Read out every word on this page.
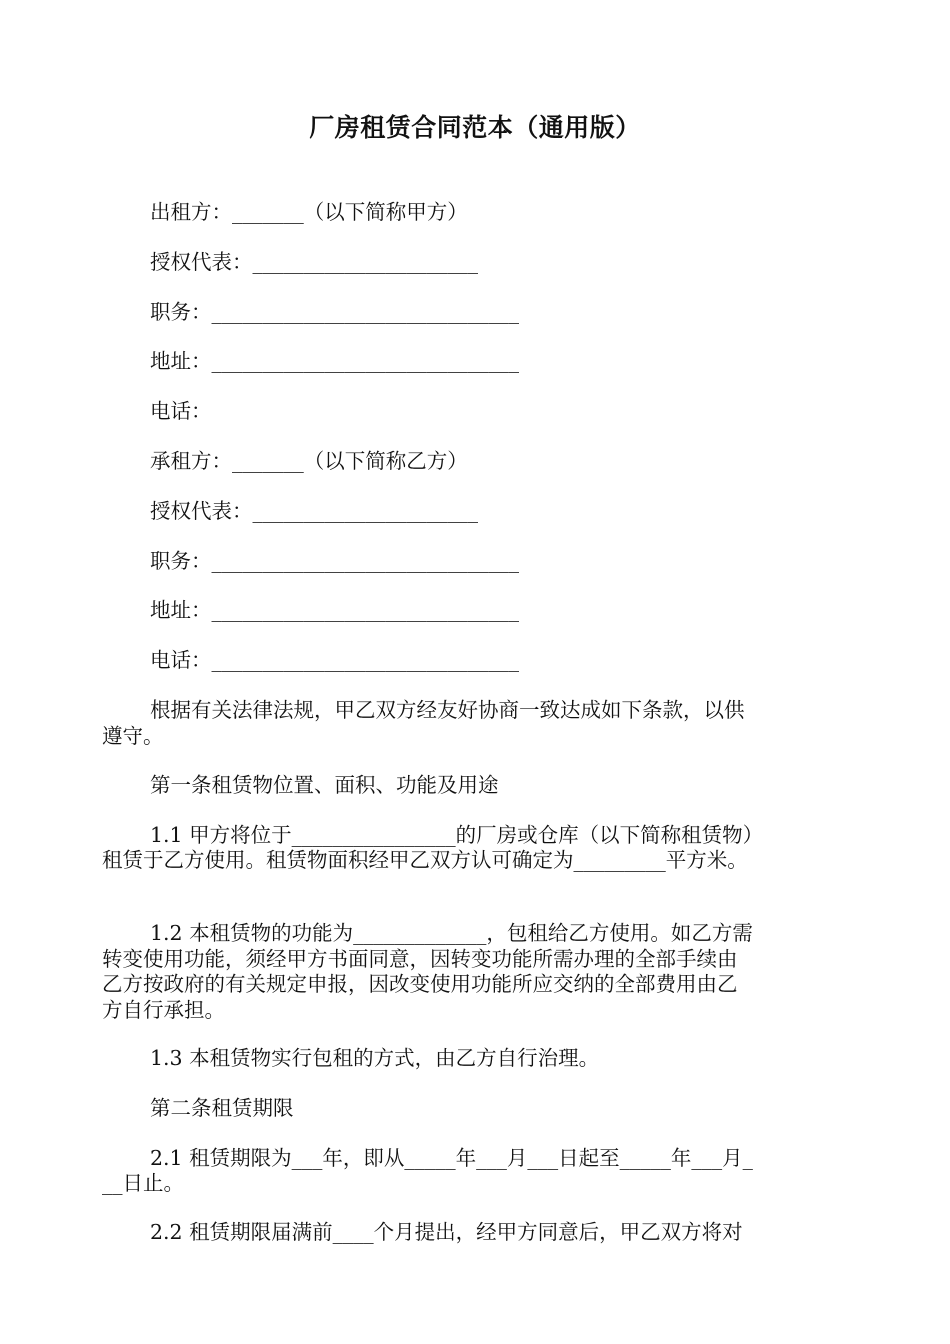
厂房租赁合同范本（通用版）
出租方：_______（以下简称甲方）
授权代表：______________________
职务：______________________________
地址：______________________________
电话：
承租方：_______（以下简称乙方）
授权代表：______________________
职务：______________________________
地址：______________________________
电话：______________________________
根据有关法律法规，甲乙双方经友好协商一致达成如下条款，以供
遵守。
第一条租赁物位置、面积、功能及用途
1.1 甲方将位于________________的厂房或仓库（以下简称租赁物）
租赁于乙方使用。租赁物面积经甲乙双方认可确定为_________平方米。
1.2 本租赁物的功能为_____________，包租给乙方使用。如乙方需
转变使用功能，须经甲方书面同意，因转变功能所需办理的全部手续由
乙方按政府的有关规定申报，因改变使用功能所应交纳的全部费用由乙
方自行承担。
1.3 本租赁物实行包租的方式，由乙方自行治理。
第二条租赁期限
2.1 租赁期限为___年，即从_____年___月___日起至_____年___月_
__日止。
2.2 租赁期限届满前____个月提出，经甲方同意后，甲乙双方将对
